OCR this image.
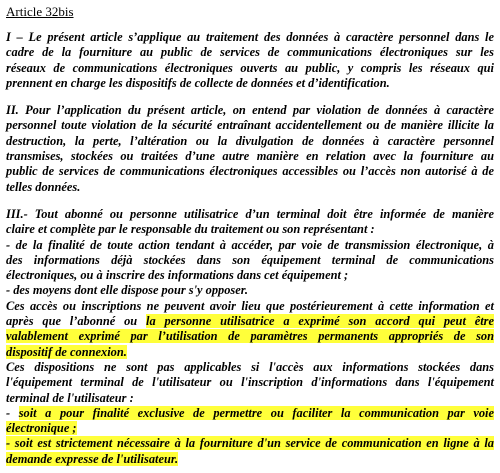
Article 32bis
I – Le présent article s’applique au traitement des données à caractère personnel dans le
cadre de la fourniture au public de services de communications électroniques sur les
réseaux de communications électroniques ouverts au public, y compris les réseaux qui
prennent en charge les dispositifs de collecte de données et d’identification.
II. Pour l’application du présent article, on entend par violation de données à caractère
personnel toute violation de la sécurité entraînant accidentellement ou de manière illicite la
destruction, la perte, l’altération ou la divulgation de données à caractère personnel
transmises, stockées ou traitées d’une autre manière en relation avec la fourniture au
public de services de communications électroniques accessibles ou l’accès non autorisé à de
telles données.
III.- Tout abonné ou personne utilisatrice d’un terminal doit être informée de manière
claire et complète par le responsable du traitement ou son représentant :
- de la finalité de toute action tendant à accéder, par voie de transmission électronique, à
des informations déjà stockées dans son équipement terminal de communications
électroniques, ou à inscrire des informations dans cet équipement ;
- des moyens dont elle dispose pour s'y opposer.
Ces accès ou inscriptions ne peuvent avoir lieu que postérieurement à cette information et
après que l’abonné ou la personne utilisatrice a exprimé son accord qui peut être
valablement exprimé par l’utilisation de paramètres permanents appropriés de son
dispositif de connexion.
Ces dispositions ne sont pas applicables si l'accès aux informations stockées dans
l'équipement terminal de l'utilisateur ou l'inscription d'informations dans l'équipement
terminal de l'utilisateur :
- soit a pour finalité exclusive de permettre ou faciliter la communication par voie
électronique ;
- soit est strictement nécessaire à la fourniture d'un service de communication en ligne à la
demande expresse de l'utilisateur.
